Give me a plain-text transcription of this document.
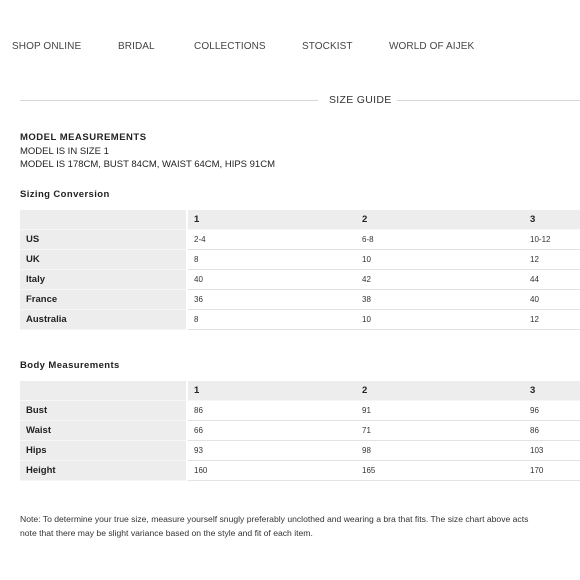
SHOP ONLINE	BRIDAL	COLLECTIONS	STOCKIST	WORLD OF AIJEK
SIZE GUIDE
MODEL MEASUREMENTS
MODEL IS IN SIZE 1
MODEL IS 178CM, BUST 84CM, WAIST 64CM, HIPS 91CM
Sizing Conversion
	1	2	3
US	2-4	6-8	10-12
UK	8	10	12
Italy	40	42	44
France	36	38	40
Australia	8	10	12
Body Measurements
	1	2	3
Bust	86	91	96
Waist	66	71	86
Hips	93	98	103
Height	160	165	170
Note: To determine your true size, measure yourself snugly preferably unclothed and wearing a bra that fits. The size chart above acts
note that there may be slight variance based on the style and fit of each item.
